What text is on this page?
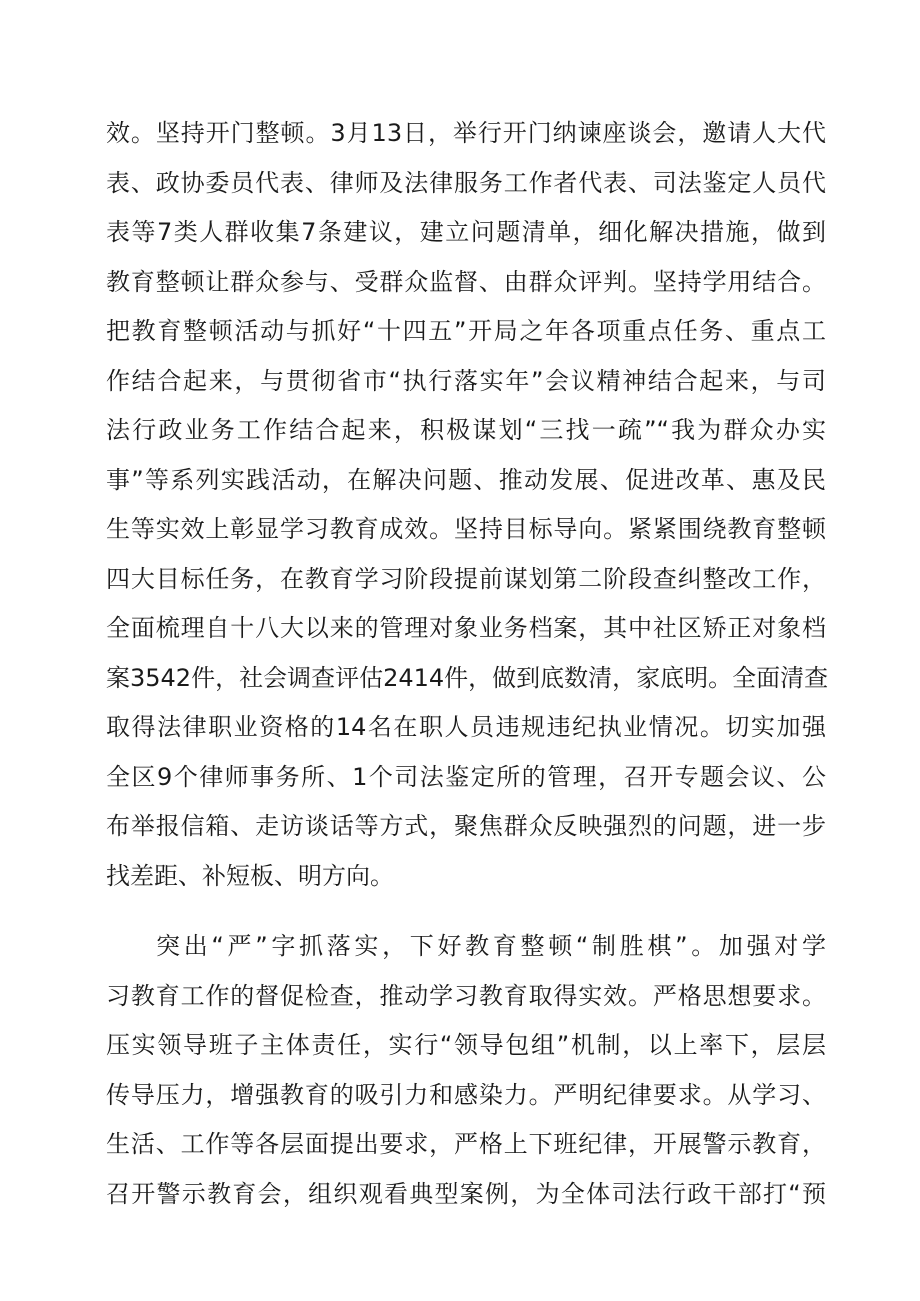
效。坚持开门整顿。3月13日，举行开门纳谏座谈会，邀请人大代
表、政协委员代表、律师及法律服务工作者代表、司法鉴定人员代
表等7类人群收集7条建议，建立问题清单，细化解决措施，做到
教育整顿让群众参与、受群众监督、由群众评判。坚持学用结合。
把教育整顿活动与抓好“十四五”开局之年各项重点任务、重点工
作结合起来，与贯彻省市“执行落实年”会议精神结合起来，与司
法行政业务工作结合起来，积极谋划“三找一疏”“我为群众办实
事”等系列实践活动，在解决问题、推动发展、促进改革、惠及民
生等实效上彰显学习教育成效。坚持目标导向。紧紧围绕教育整顿
四大目标任务，在教育学习阶段提前谋划第二阶段查纠整改工作，
全面梳理自十八大以来的管理对象业务档案，其中社区矫正对象档
案3542件，社会调查评估2414件，做到底数清，家底明。全面清查
取得法律职业资格的14名在职人员违规违纪执业情况。切实加强
全区9个律师事务所、1个司法鉴定所的管理，召开专题会议、公
布举报信箱、走访谈话等方式，聚焦群众反映强烈的问题，进一步
找差距、补短板、明方向。
突出“严”字抓落实，下好教育整顿“制胜棋”。加强对学
习教育工作的督促检查，推动学习教育取得实效。严格思想要求。
压实领导班子主体责任，实行“领导包组”机制，以上率下，层层
传导压力，增强教育的吸引力和感染力。严明纪律要求。从学习、
生活、工作等各层面提出要求，严格上下班纪律，开展警示教育，
召开警示教育会，组织观看典型案例，为全体司法行政干部打“预
